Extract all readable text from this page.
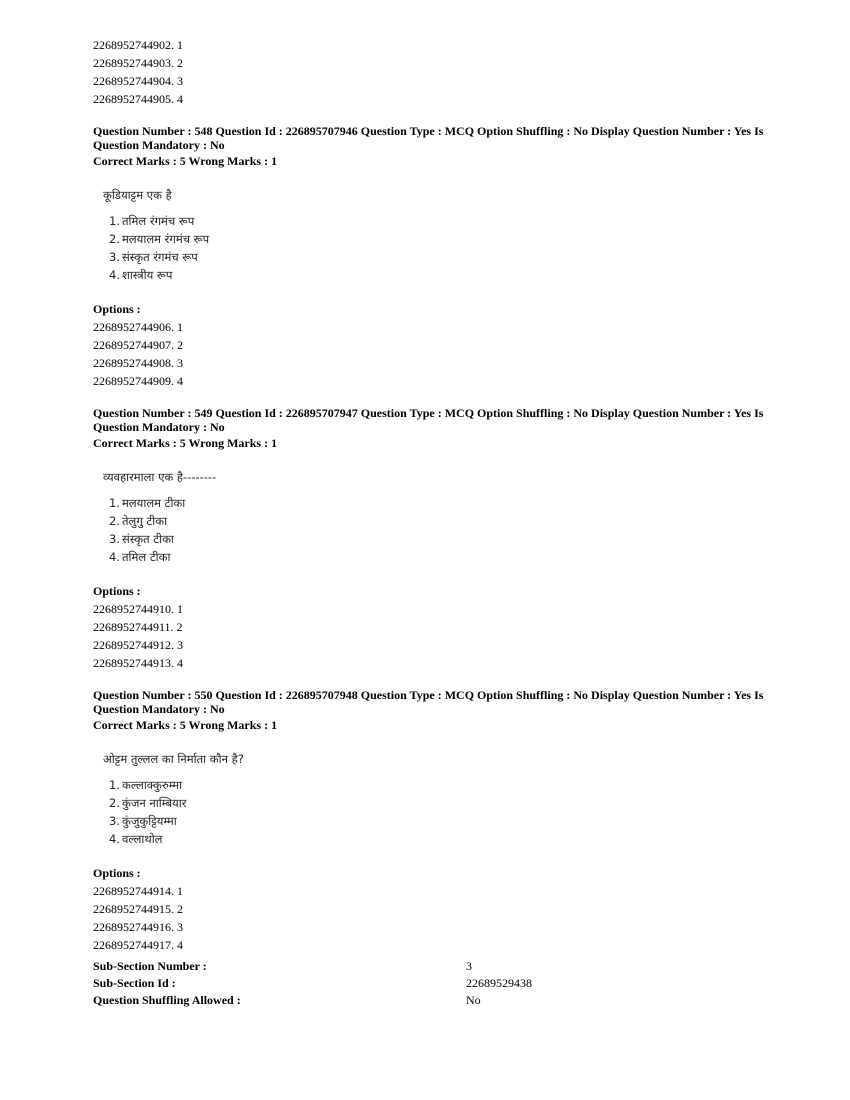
2268952744902. 1

2268952744903. 2

2268952744904. 3

2268952744905. 4

Question Number : 548 Question Id : 226895707946 Question Type : MCQ Option Shuffling : No Display Question Number : Yes Is Question Mandatory : No

Correct Marks : 5 Wrong Marks : 1

कूडियाट्टम एक है
1. तमिल रंगमंच रूप
2. मलयालम रंगमंच रूप
3. संस्कृत रंगमंच रूप
4. शास्त्रीय रूप

Options :

2268952744906. 1

2268952744907. 2

2268952744908. 3

2268952744909. 4

Question Number : 549 Question Id : 226895707947 Question Type : MCQ Option Shuffling : No Display Question Number : Yes Is Question Mandatory : No

Correct Marks : 5 Wrong Marks : 1

व्यवहारमाला एक है--------
1. मलयालम टीका
2. तेलुगु टीका
3. संस्कृत टीका
4. तमिल टीका

Options :

2268952744910. 1

2268952744911. 2

2268952744912. 3

2268952744913. 4

Question Number : 550 Question Id : 226895707948 Question Type : MCQ Option Shuffling : No Display Question Number : Yes Is Question Mandatory : No

Correct Marks : 5 Wrong Marks : 1

ओट्टम तुल्लल का निर्माता कौन है?
1. कल्लाक्कुरुम्मा
2. कुंजन नाम्बियार
3. कुंजुकुट्टियम्मा
4. वल्लाथोल

Options :

2268952744914. 1

2268952744915. 2

2268952744916. 3

2268952744917. 4

Sub-Section Number :	3
Sub-Section Id :	22689529438
Question Shuffling Allowed :	No
